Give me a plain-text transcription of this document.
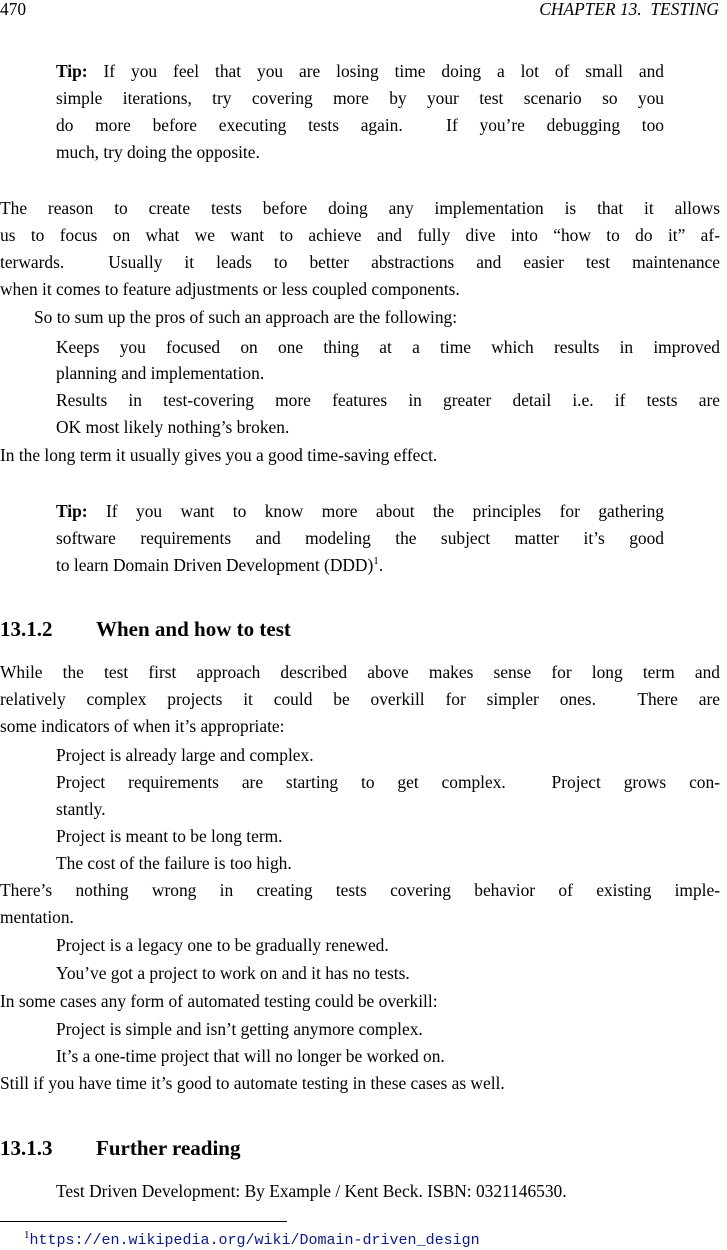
470	CHAPTER 13.  TESTING
Tip: If you feel that you are losing time doing a lot of small and
simple iterations, try covering more by your test scenario so you
do more before executing tests again.  If you’re debugging too
much, try doing the opposite.
The reason to create tests before doing any implementation is that it allows
us to focus on what we want to achieve and fully dive into “how to do it” af-
terwards.  Usually it leads to better abstractions and easier test maintenance
when it comes to feature adjustments or less coupled components.
So to sum up the pros of such an approach are the following:
Keeps you focused on one thing at a time which results in improved
planning and implementation.
Results in test-covering more features in greater detail i.e. if tests are
OK most likely nothing’s broken.
In the long term it usually gives you a good time-saving effect.
Tip: If you want to know more about the principles for gathering
software requirements and modeling the subject matter it’s good
to learn Domain Driven Development (DDD)$^1$.
13.1.2 When and how to test
While the test first approach described above makes sense for long term and
relatively complex projects it could be overkill for simpler ones.  There are
some indicators of when it’s appropriate:
Project is already large and complex.
Project requirements are starting to get complex.  Project grows con-
stantly.
Project is meant to be long term.
The cost of the failure is too high.
There’s nothing wrong in creating tests covering behavior of existing imple-
mentation.
Project is a legacy one to be gradually renewed.
You’ve got a project to work on and it has no tests.
In some cases any form of automated testing could be overkill:
Project is simple and isn’t getting anymore complex.
It’s a one-time project that will no longer be worked on.
Still if you have time it’s good to automate testing in these cases as well.
13.1.3 Further reading
Test Driven Development: By Example / Kent Beck. ISBN: 0321146530.
$^1$https://en.wikipedia.org/wiki/Domain-driven_design
